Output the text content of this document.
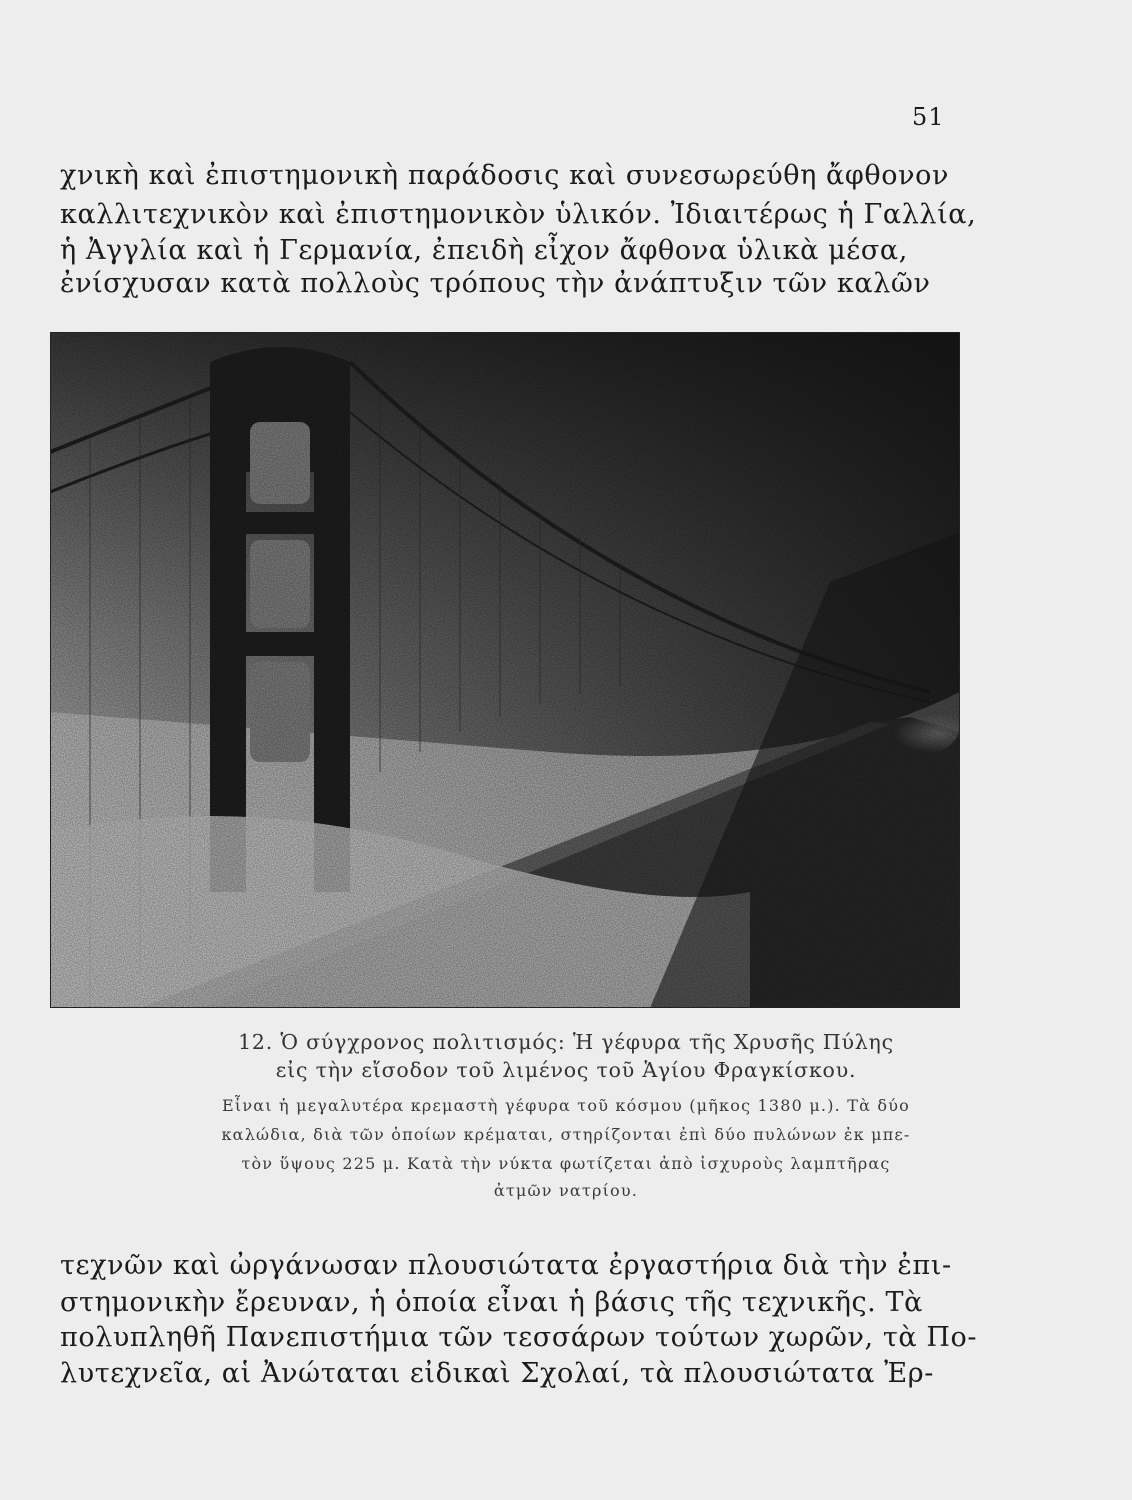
51
χνικὴ καὶ ἐπιστημονικὴ παράδοσις καὶ συνεσωρεύθη ἄφθονον
καλλιτεχνικὸν καὶ ἐπιστημονικὸν ὑλικόν. Ἰδιαιτέρως ἡ Γαλλία,
ἡ Ἀγγλία καὶ ἡ Γερμανία, ἐπειδὴ εἶχον ἄφθονα ὑλικὰ μέσα,
ἐνίσχυσαν κατὰ πολλοὺς τρόπους τὴν ἀνάπτυξιν τῶν καλῶν
12. Ὁ σύγχρονος πολιτισμός: Ἡ γέφυρα τῆς Χρυσῆς Πύλης
εἰς τὴν εἴσοδον τοῦ λιμένος τοῦ Ἁγίου Φραγκίσκου.
Εἶναι ἡ μεγαλυτέρα κρεμαστὴ γέφυρα τοῦ κόσμου (μῆκος 1380 μ.). Τὰ δύο
καλώδια, διὰ τῶν ὁποίων κρέμαται, στηρίζονται ἐπὶ δύο πυλώνων ἐκ μπε-
τὸν ὕψους 225 μ. Κατὰ τὴν νύκτα φωτίζεται ἀπὸ ἰσχυροὺς λαμπτῆρας
ἀτμῶν νατρίου.
τεχνῶν καὶ ὠργάνωσαν πλουσιώτατα ἐργαστήρια διὰ τὴν ἐπι-
στημονικὴν ἔρευναν, ἡ ὁποία εἶναι ἡ βάσις τῆς τεχνικῆς. Τὰ
πολυπληθῆ Πανεπιστήμια τῶν τεσσάρων τούτων χωρῶν, τὰ Πο-
λυτεχνεῖα, αἱ Ἀνώταται εἰδικαὶ Σχολαί, τὰ πλουσιώτατα Ἐρ-
